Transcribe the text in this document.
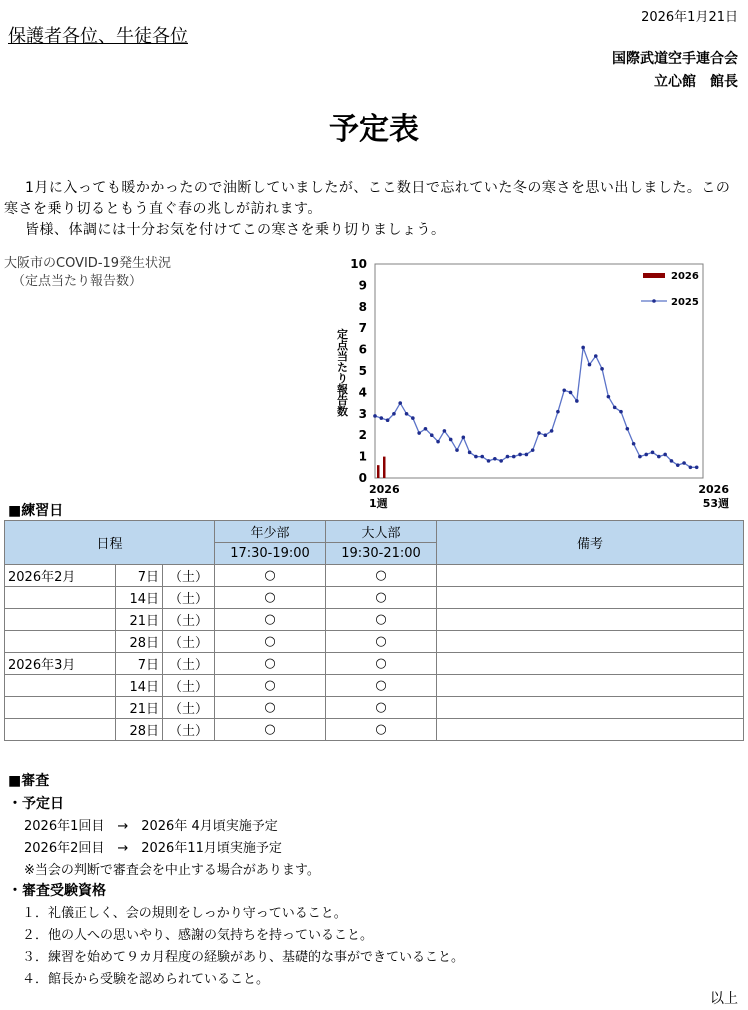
2026年1月21日
保護者各位、牛徒各位
国際武道空手連合会
立心館　館長
予定表

1月に入っても暖かかったので油断していましたが、ここ数日で忘れていた冬の寒さを思い出しました。この寒さを乗り切るともう直ぐ春の兆しが訪れます。

皆様、体調には十分お気を付けてこの寒さを乗り切りましょう。

大阪市のCOVID-19発生状況
（定点当たり報告数）
0
1
2
3
4
5
6
7
8
9
10
定点当たり報告数
2026
1週
2026
53週
2026
2025
■練習日
日程			年少部	大人部	備考
			17:30-19:00	19:30-21:00	
2026年2月	7日	（土）	○	○	
	14日	（土）	○	○	
	21日	（土）	○	○	
	28日	（土）	○	○	
2026年3月	7日	（土）	○	○	
	14日	（土）	○	○	
	21日	（土）	○	○	
	28日	（土）	○	○	
■審査
・予定日
2026年1回目　→　2026年 4月頃実施予定
2026年2回目　→　2026年11月頃実施予定
※当会の判断で審査会を中止する場合があります。
・審査受験資格
１．礼儀正しく、会の規則をしっかり守っていること。
２．他の人への思いやり、感謝の気持ちを持っていること。
３．練習を始めて９カ月程度の経験があり、基礎的な事ができていること。
４．館長から受験を認められていること。
以上
